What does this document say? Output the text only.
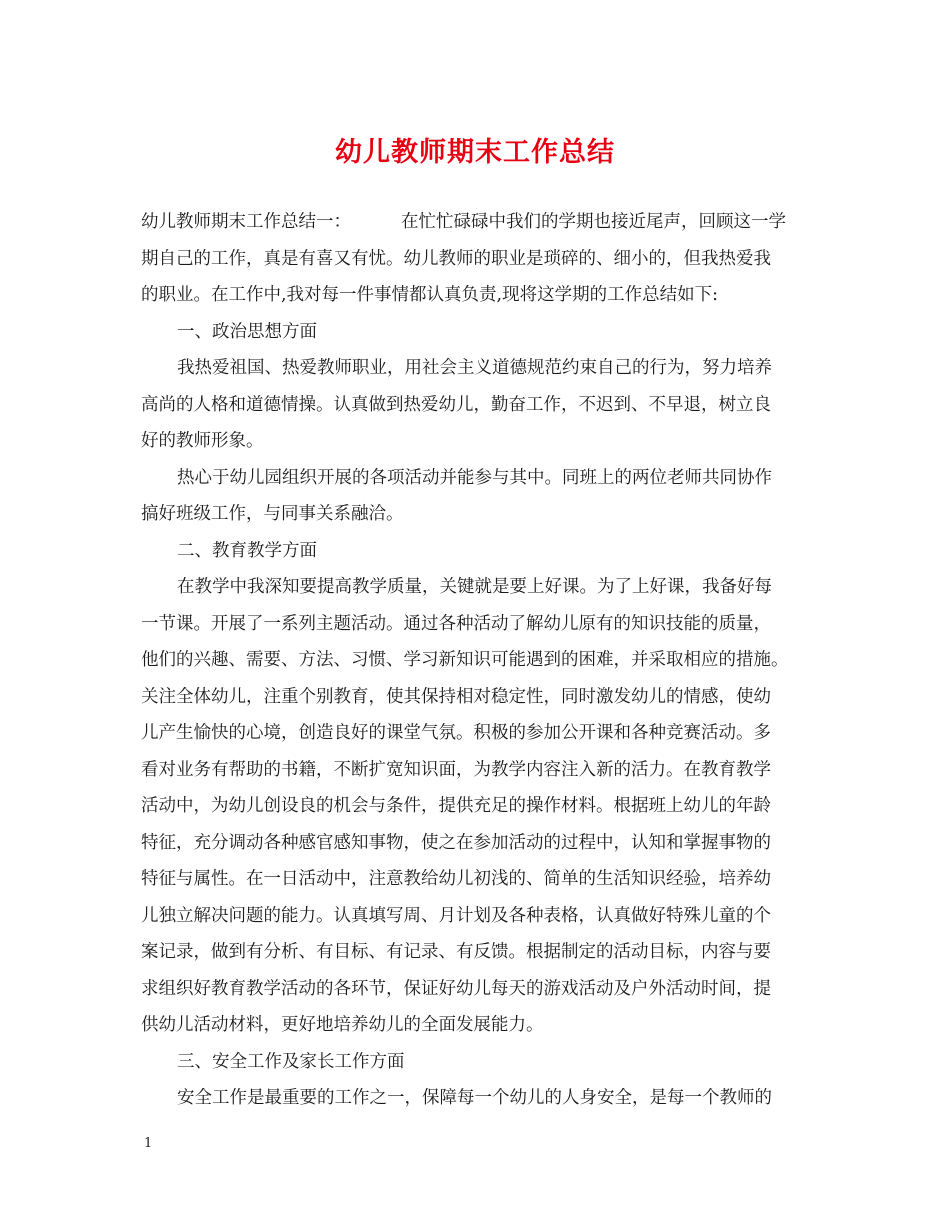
幼儿教师期末工作总结
幼儿教师期末工作总结一：	在忙忙碌碌中我们的学期也接近尾声，回顾这一学
期自己的工作，真是有喜又有忧。幼儿教师的职业是琐碎的、细小的，但我热爱我
的职业。在工作中,我对每一件事情都认真负责,现将这学期的工作总结如下:
一、政治思想方面
我热爱祖国、热爱教师职业，用社会主义道德规范约束自己的行为，努力培养
高尚的人格和道德情操。认真做到热爱幼儿，勤奋工作，不迟到、不早退，树立良
好的教师形象。
热心于幼儿园组织开展的各项活动并能参与其中。同班上的两位老师共同协作
搞好班级工作，与同事关系融洽。
二、教育教学方面
在教学中我深知要提高教学质量，关键就是要上好课。为了上好课，我备好每
一节课。开展了一系列主题活动。通过各种活动了解幼儿原有的知识技能的质量，
他们的兴趣、需要、方法、习惯、学习新知识可能遇到的困难，并采取相应的措施。
关注全体幼儿，注重个别教育，使其保持相对稳定性，同时激发幼儿的情感，使幼
儿产生愉快的心境，创造良好的课堂气氛。积极的参加公开课和各种竞赛活动。多
看对业务有帮助的书籍，不断扩宽知识面，为教学内容注入新的活力。在教育教学
活动中，为幼儿创设良的机会与条件，提供充足的操作材料。根据班上幼儿的年龄
特征，充分调动各种感官感知事物，使之在参加活动的过程中，认知和掌握事物的
特征与属性。在一日活动中，注意教给幼儿初浅的、简单的生活知识经验，培养幼
儿独立解决问题的能力。认真填写周、月计划及各种表格，认真做好特殊儿童的个
案记录，做到有分析、有目标、有记录、有反馈。根据制定的活动目标，内容与要
求组织好教育教学活动的各环节，保证好幼儿每天的游戏活动及户外活动时间，提
供幼儿活动材料，更好地培养幼儿的全面发展能力。
三、安全工作及家长工作方面
安全工作是最重要的工作之一，保障每一个幼儿的人身安全，是每一个教师的
1
